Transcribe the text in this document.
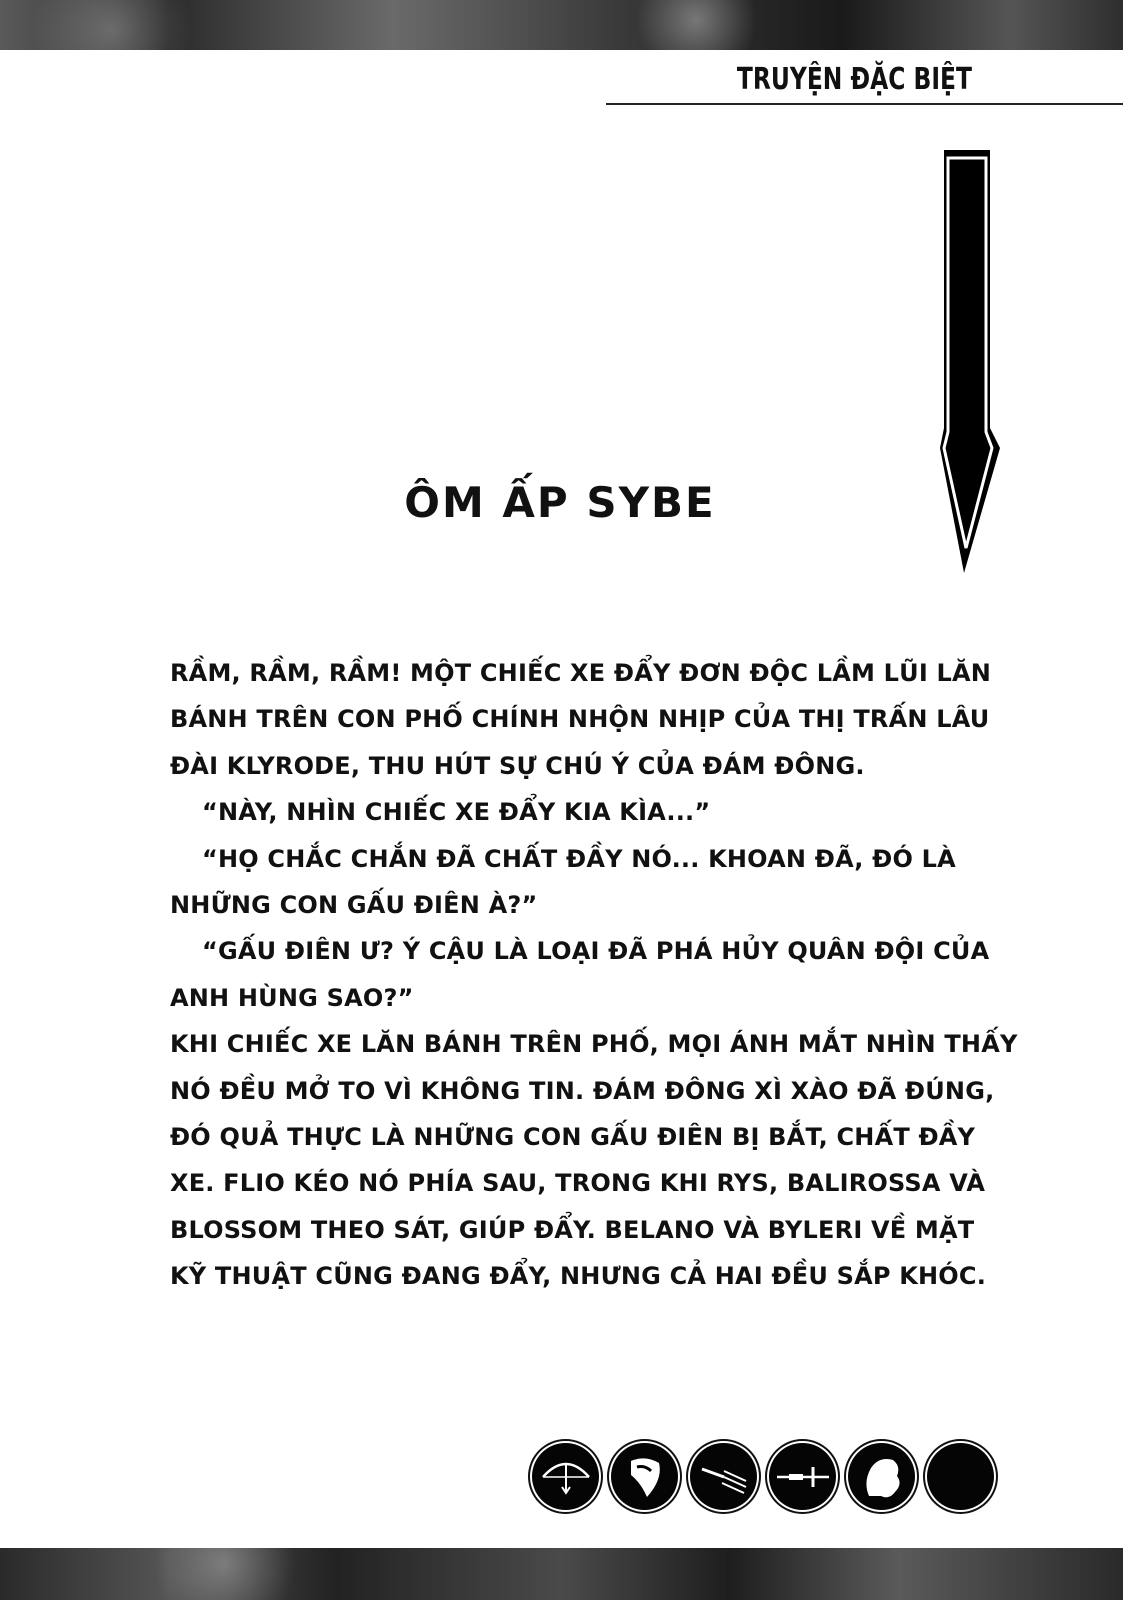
TRUYỆN ĐẶC BIỆT
ÔM ẤP SYBE
RẦM, RẦM, RẦM! MỘT CHIẾC XE ĐẨY ĐƠN ĐỘC LẦM LŨI LĂN
BÁNH TRÊN CON PHỐ CHÍNH NHỘN NHỊP CỦA THỊ TRẤN LÂU
ĐÀI KLYRODE, THU HÚT SỰ CHÚ Ý CỦA ĐÁM ĐÔNG.
“NÀY, NHÌN CHIẾC XE ĐẨY KIA KÌA...”
“HỌ CHẮC CHẮN ĐÃ CHẤT ĐẦY NÓ... KHOAN ĐÃ, ĐÓ LÀ
NHỮNG CON GẤU ĐIÊN À?”
“GẤU ĐIÊN Ư? Ý CẬU LÀ LOẠI ĐÃ PHÁ HỦY QUÂN ĐỘI CỦA
ANH HÙNG SAO?”
KHI CHIẾC XE LĂN BÁNH TRÊN PHỐ, MỌI ÁNH MẮT NHÌN THẤY
NÓ ĐỀU MỞ TO VÌ KHÔNG TIN. ĐÁM ĐÔNG XÌ XÀO ĐÃ ĐÚNG,
ĐÓ QUẢ THỰC LÀ NHỮNG CON GẤU ĐIÊN BỊ BẮT, CHẤT ĐẦY
XE. FLIO KÉO NÓ PHÍA SAU, TRONG KHI RYS, BALIROSSA VÀ
BLOSSOM THEO SÁT, GIÚP ĐẨY. BELANO VÀ BYLERI VỀ MẶT
KỸ THUẬT CŨNG ĐANG ĐẨY, NHƯNG CẢ HAI ĐỀU SẮP KHÓC.
